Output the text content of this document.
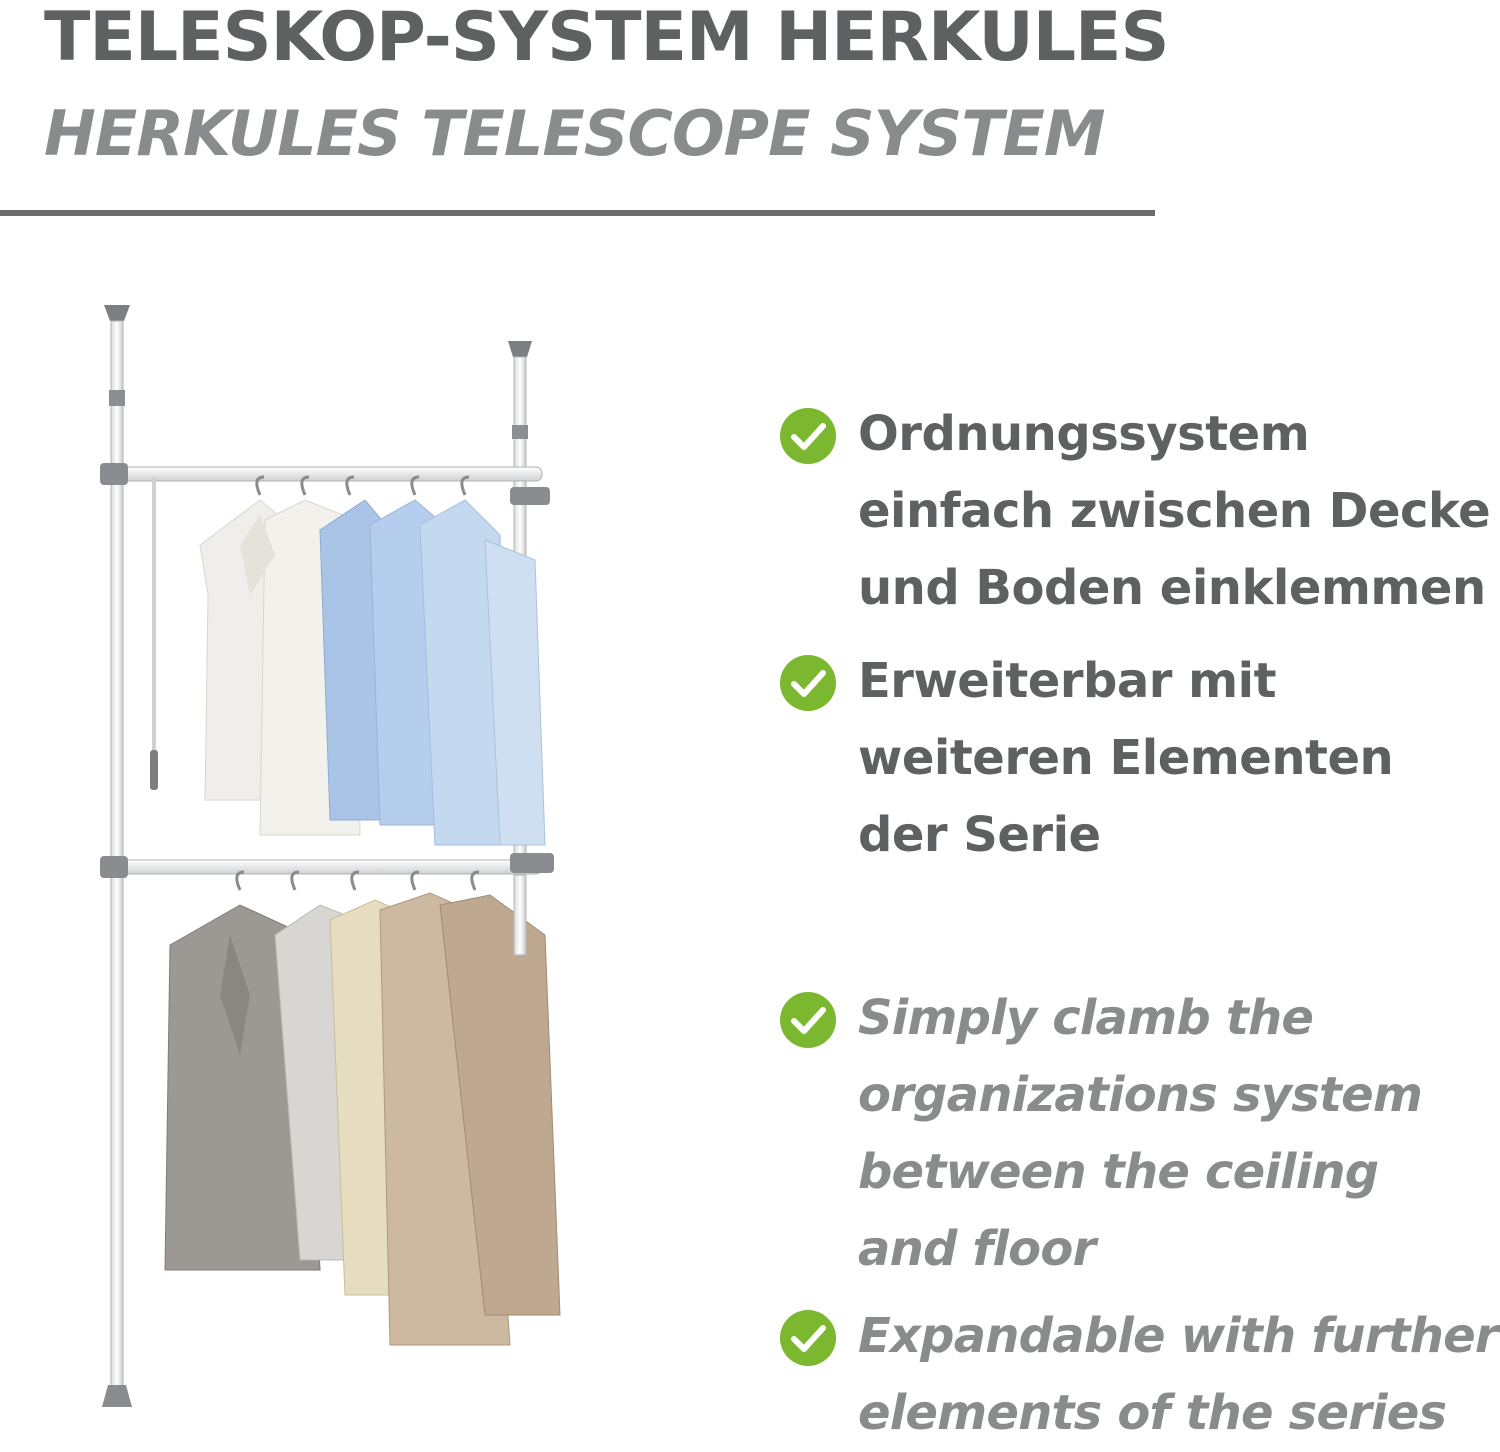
TELESKOP-SYSTEM HERKULES
HERKULES TELESCOPE SYSTEM

Ordnungssystem
einfach zwischen Decke
und Boden einklemmen

Erweiterbar mit
weiteren Elementen
der Serie

Simply clamb the
organizations system
between the ceiling
and floor

Expandable with further
elements of the series
